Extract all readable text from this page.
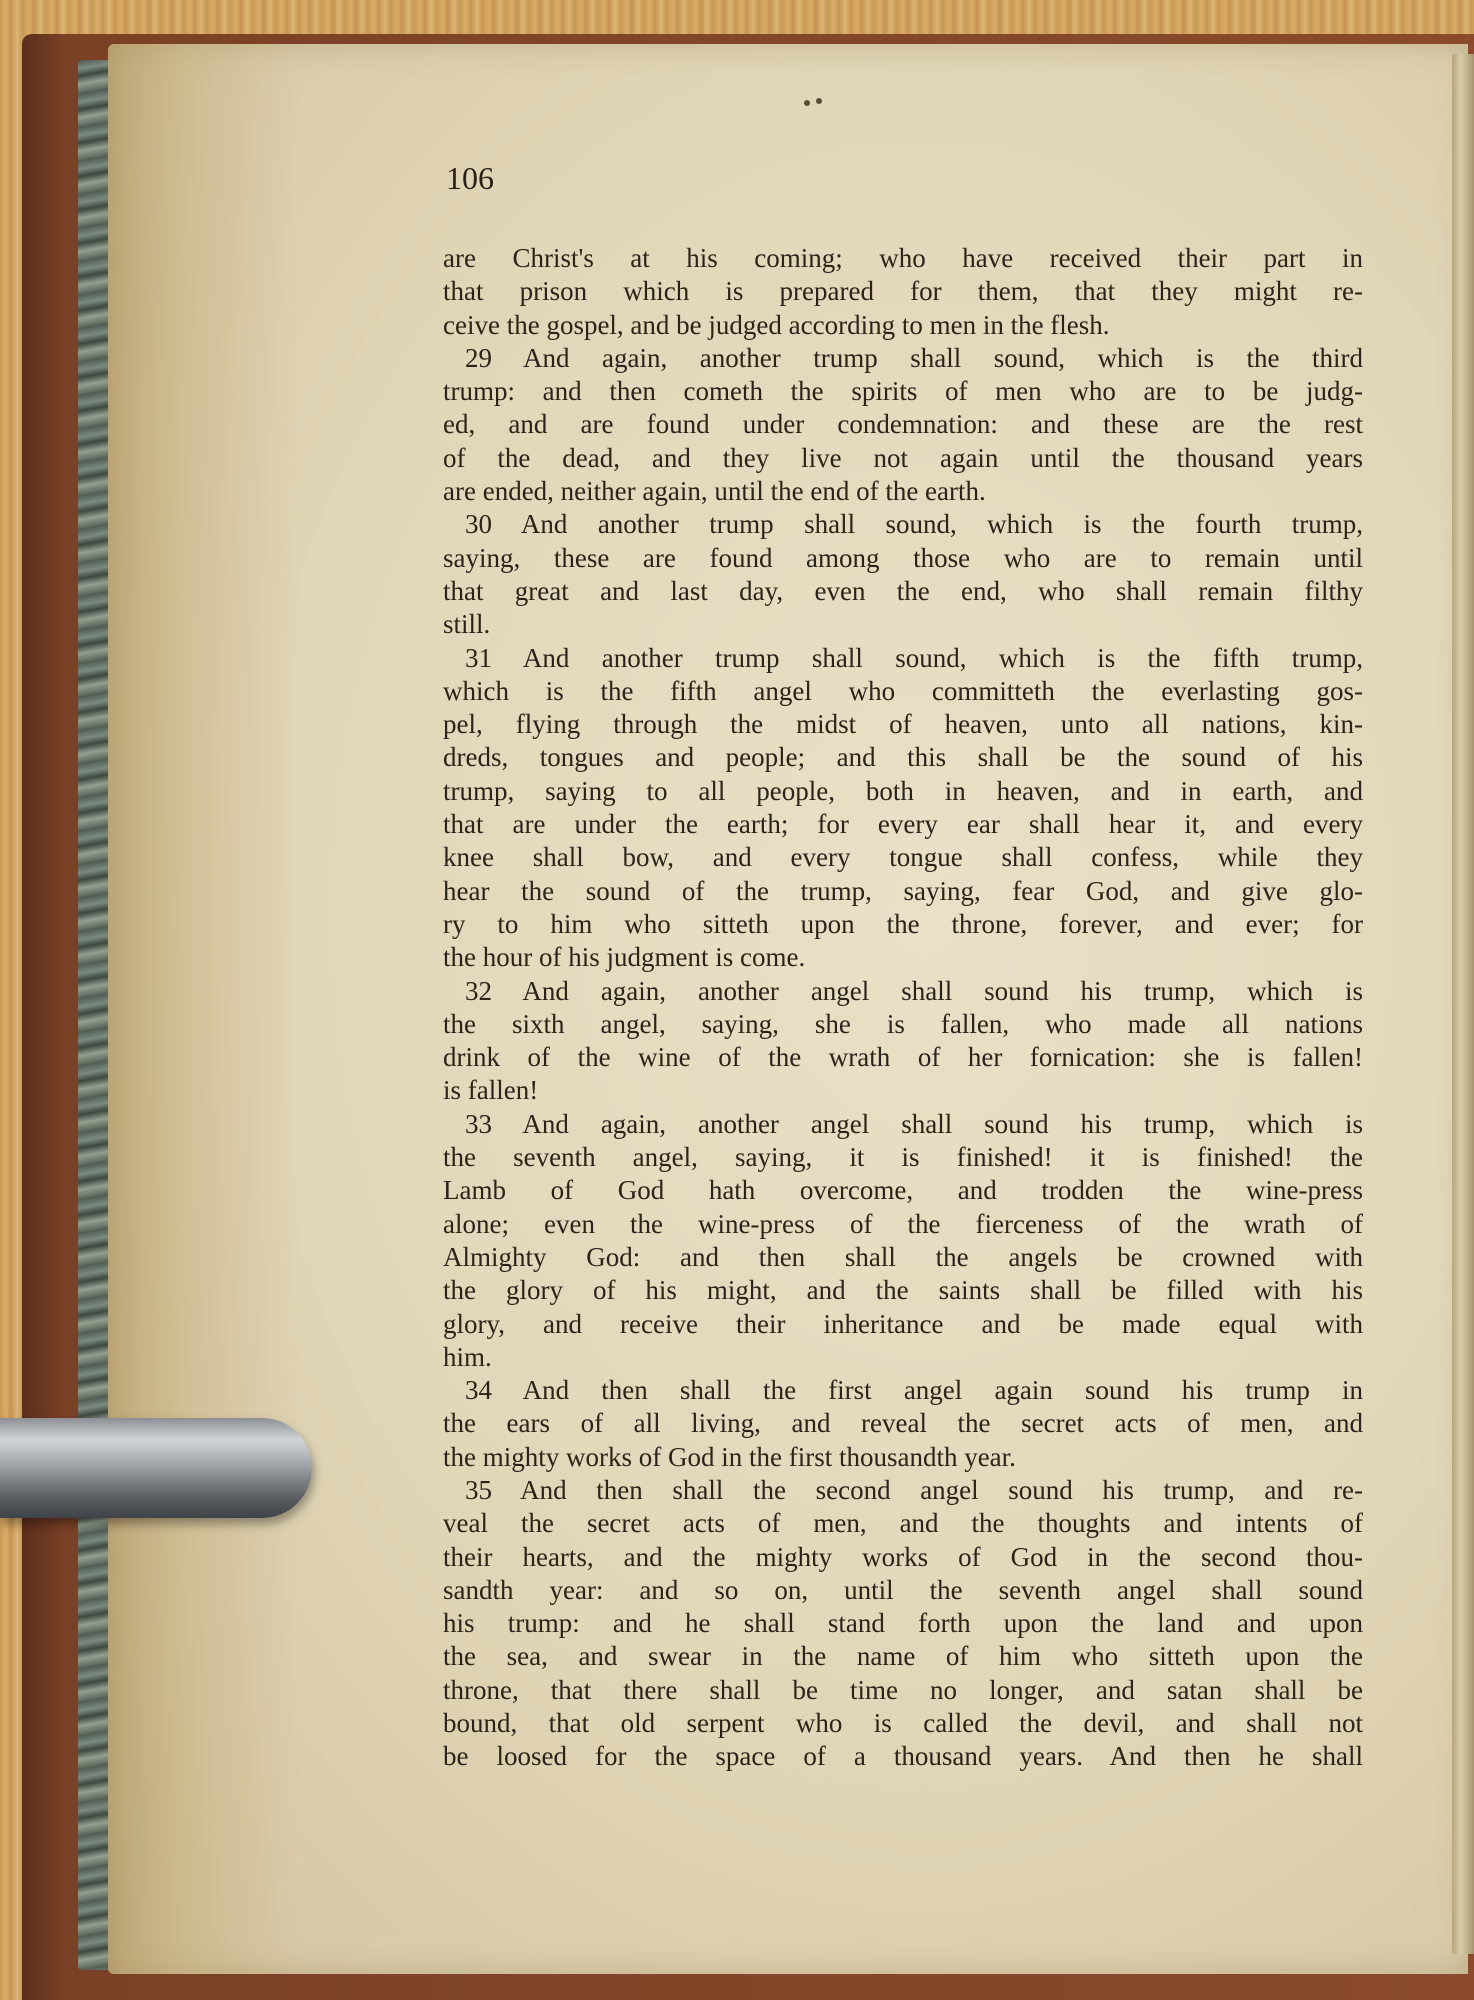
106
are Christ's at his coming; who have received their part in
that prison which is prepared for them, that they might re-
ceive the gospel, and be judged according to men in the flesh.
29 And again, another trump shall sound, which is the third
trump: and then cometh the spirits of men who are to be judg-
ed, and are found under condemnation: and these are the rest
of the dead, and they live not again until the thousand years
are ended, neither again, until the end of the earth.
30 And another trump shall sound, which is the fourth trump,
saying, these are found among those who are to remain until
that great and last day, even the end, who shall remain filthy
still.
31 And another trump shall sound, which is the fifth trump,
which is the fifth angel who committeth the everlasting gos-
pel, flying through the midst of heaven, unto all nations, kin-
dreds, tongues and people; and this shall be the sound of his
trump, saying to all people, both in heaven, and in earth, and
that are under the earth; for every ear shall hear it, and every
knee shall bow, and every tongue shall confess, while they
hear the sound of the trump, saying, fear God, and give glo-
ry to him who sitteth upon the throne, forever, and ever; for
the hour of his judgment is come.
32 And again, another angel shall sound his trump, which is
the sixth angel, saying, she is fallen, who made all nations
drink of the wine of the wrath of her fornication: she is fallen!
is fallen!
33 And again, another angel shall sound his trump, which is
the seventh angel, saying, it is finished! it is finished! the
Lamb of God hath overcome, and trodden the wine-press
alone; even the wine-press of the fierceness of the wrath of
Almighty God: and then shall the angels be crowned with
the glory of his might, and the saints shall be filled with his
glory, and receive their inheritance and be made equal with
him.
34 And then shall the first angel again sound his trump in
the ears of all living, and reveal the secret acts of men, and
the mighty works of God in the first thousandth year.
35 And then shall the second angel sound his trump, and re-
veal the secret acts of men, and the thoughts and intents of
their hearts, and the mighty works of God in the second thou-
sandth year: and so on, until the seventh angel shall sound
his trump: and he shall stand forth upon the land and upon
the sea, and swear in the name of him who sitteth upon the
throne, that there shall be time no longer, and satan shall be
bound, that old serpent who is called the devil, and shall not
be loosed for the space of a thousand years. And then he shall
